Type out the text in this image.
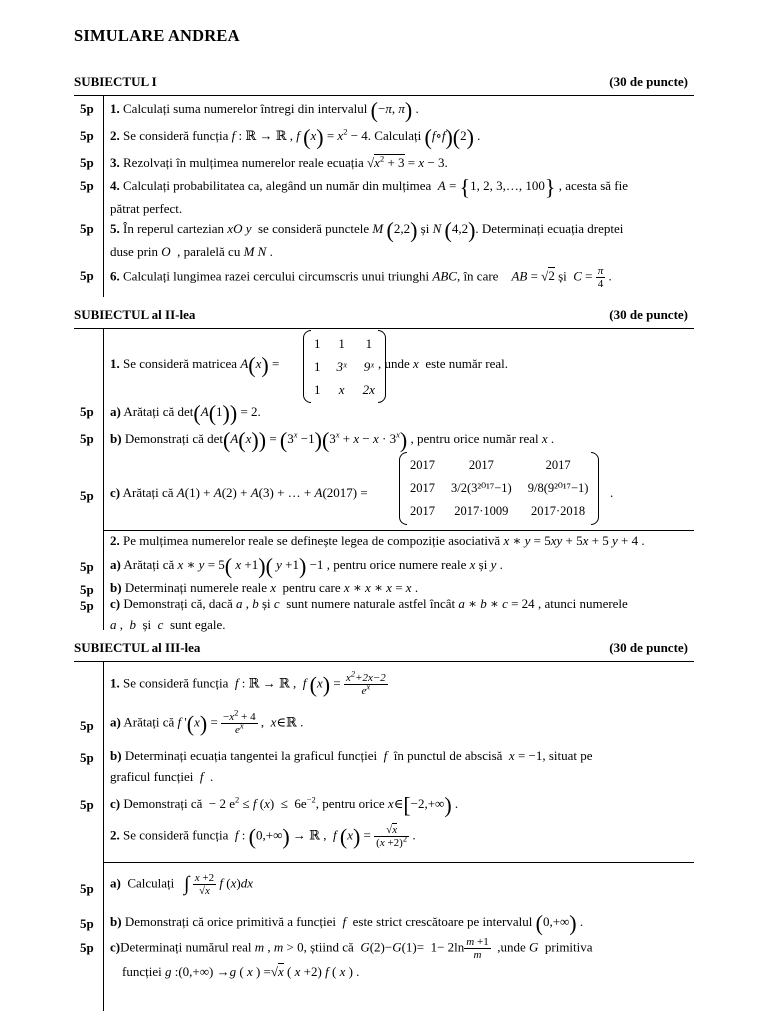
SIMULARE ANDREA
SUBIECTUL I	(30 de puncte)
5p 1. Calculați suma numerelor întregi din intervalul (−π, π) .
5p 2. Se consideră funcția f : ℝ → ℝ , f $(x) = x^2 - 4$. Calculați (f∘f)(2) .
5p 3. Rezolvați în mulțimea numerelor reale ecuația $√x^2 + 3 = x - 3$.
5p 4. Calculați probabilitatea ca, alegând un număr din mulțimea A = {1, 2, 3,…, 100} , acesta să fie
pătrat perfect.
5p 5. În reperul cartezian xO y se consideră punctele M (2,2) și N (4,2). Determinați ecuația dreptei
duse prin O , paralelă cu M N .
5p 6. Calculați lungimea razei cercului circumscris unui triunghi ABC, în care AB = √2 și $C = \frac{\pi}{4}$ .
SUBIECTUL al II-lea	(30 de puncte)
1. Se consideră matricea A(x) =
1	1	1
1	3ˣ	9ˣ
1	x	2x
, unde x este număr real.
5p a) Arătați că det(A(1)) = 2.
5p b) Demonstrați că $\det(A(x)) = (3^x -1)(3^x + x - x \cdot 3^x)$ , pentru orice număr real x .
5p c) Arătați că A(1) + A(2) + A(3) + … + A(2017) =
2017	2017	2017
2017	3/2(3²⁰¹⁷−1)	9/8(9²⁰¹⁷−1)
2017	2017·1009	2017·2018
.
2. Pe mulțimea numerelor reale se definește legea de compoziție asociativă x ∗ y = 5xy + 5x + 5 y + 4 .
5p a) Arătați că x ∗ y = 5( x +1)( y +1) −1 , pentru orice numere reale x și y .
5p b) Determinați numerele reale x pentru care x ∗ x ∗ x = x .
5p c) Demonstrați că, dacă a , b și c sunt numere naturale astfel încât a ∗ b ∗ c = 24 , atunci numerele
a ,  b  și  c sunt egale.
SUBIECTUL al III-lea	(30 de puncte)
1. Se consideră funcția f : ℝ → ℝ ,  f $(x) = \frac{x^2+2x-2}{e^x}$
5p a) Arătați că f '$(x) = \frac{-x^2 + 4}{e^x}$ ,  x∈ℝ .
5p b) Determinați ecuația tangentei la graficul funcției f în punctul de abscisă x = −1, situat pe
graficul funcției f  .
5p c) Demonstrați că  − 2 $e^2 \le f$ $(x) \le 6e^{-2}$, pentru orice x∈[−2,+∞) .
2. Se consideră funcția f : (0,+∞) → ℝ ,  f $(x) = \frac{√x}{(x +2)^2}$ .
5p a) Calculați ∫ $\frac{x +2}{√x}$ f (x)dx
5p b) Demonstrați că orice primitivă a funcției f este strict crescătoare pe intervalul (0,+∞) .
5p c)Determinați numărul real m , m > 0, știind că $G(2)-G(1)= 1- 2\ln \frac{m +1}{m}$ ,unde G primitiva
funcției g :(0,+∞) →g ( x ) =√x ( x +2) f ( x ) .
